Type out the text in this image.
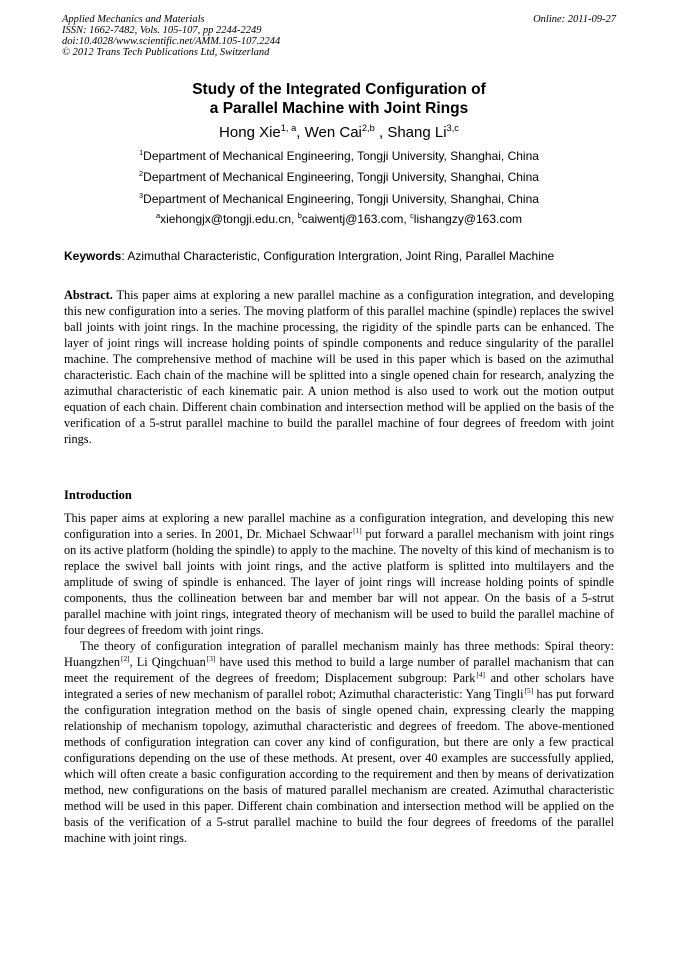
Applied Mechanics and Materials
ISSN: 1662-7482, Vols. 105-107, pp 2244-2249
doi:10.4028/www.scientific.net/AMM.105-107.2244
© 2012 Trans Tech Publications Ltd, Switzerland
Online: 2011-09-27
Study of the Integrated Configuration of
a Parallel Machine with Joint Rings
Hong Xie$^{1, a}$, Wen Cai$^{2,b}$ , Shang Li$^{3,c}$
$^1$Department of Mechanical Engineering, Tongji University, Shanghai, China
$^2$Department of Mechanical Engineering, Tongji University, Shanghai, China
$^3$Department of Mechanical Engineering, Tongji University, Shanghai, China
$^a$xiehongjx@tongji.edu.cn, $^b$caiwentj@163.com, $^c$lishangzy@163.com
Keywords: Azimuthal Characteristic, Configuration Intergration, Joint Ring, Parallel Machine
Abstract. This paper aims at exploring a new parallel machine as a configuration integration, and developing this new configuration into a series. The moving platform of this parallel machine (spindle) replaces the swivel ball joints with joint rings. In the machine processing, the rigidity of the spindle parts can be enhanced. The layer of joint rings will increase holding points of spindle components and reduce singularity of the parallel machine. The comprehensive method of machine will be used in this paper which is based on the azimuthal characteristic. Each chain of the machine will be splitted into a single opened chain for research, analyzing the azimuthal characteristic of each kinematic pair. A union method is also used to work out the motion output equation of each chain. Different chain combination and intersection method will be applied on the basis of the verification of a 5-strut parallel machine to build the parallel machine of four degrees of freedom with joint rings.
Introduction

This paper aims at exploring a new parallel machine as a configuration integration, and developing this new configuration into a series. In 2001, Dr. Michael Schwaar[1] put forward a parallel mechanism with joint rings on its active platform (holding the spindle) to apply to the machine. The novelty of this kind of mechanism is to replace the swivel ball joints with joint rings, and the active platform is splitted into multilayers and the amplitude of swing of spindle is enhanced. The layer of joint rings will increase holding points of spindle components, thus the collineation between bar and member bar will not appear. On the basis of a 5-strut parallel machine with joint rings, integrated theory of mechanism will be used to build the parallel machine of four degrees of freedom with joint rings.

The theory of configuration integration of parallel mechanism mainly has three methods: Spiral theory: Huangzhen[2], Li Qingchuan[3] have used this method to build a large number of parallel machanism that can meet the requirement of the degrees of freedom; Displacement subgroup: Park[4] and other scholars have integrated a series of new mechanism of parallel robot; Azimuthal characteristic: Yang Tingli[5] has put forward the configuration integration method on the basis of single opened chain, expressing clearly the mapping relationship of mechanism topology, azimuthal characteristic and degrees of freedom. The above-mentioned methods of configuration integration can cover any kind of configuration, but there are only a few practical configurations depending on the use of these methods. At present, over 40 examples are successfully applied, which will often create a basic configuration according to the requirement and then by means of derivatization method, new configurations on the basis of matured parallel mechanism are created. Azimuthal characteristic method will be used in this paper. Different chain combination and intersection method will be applied on the basis of the verification of a 5-strut parallel machine to build the four degrees of freedoms of the parallel machine with joint rings.
